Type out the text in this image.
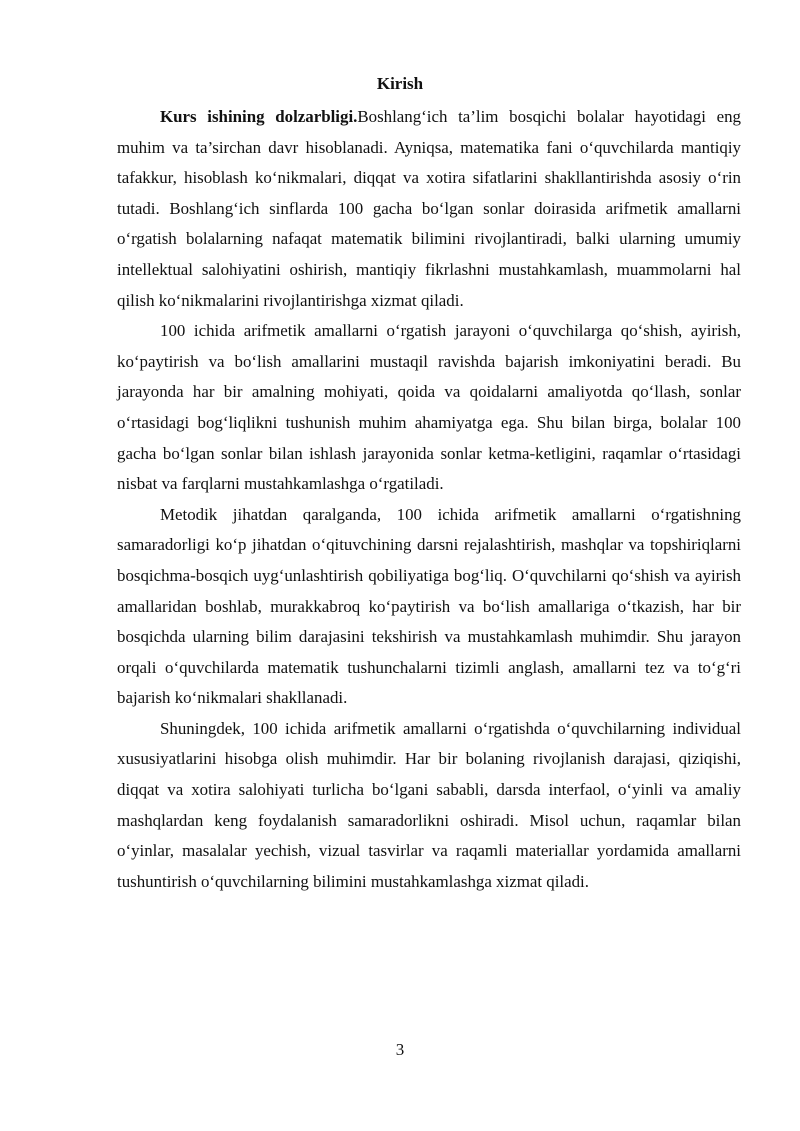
Kirish

Kurs ishining dolzarbligi.Boshlang‘ich ta’lim bosqichi bolalar hayotidagi eng muhim va ta’sirchan davr hisoblanadi. Ayniqsa, matematika fani o‘quvchilarda mantiqiy tafakkur, hisoblash ko‘nikmalari, diqqat va xotira sifatlarini shakllantirishda asosiy o‘rin tutadi. Boshlang‘ich sinflarda 100 gacha bo‘lgan sonlar doirasida arifmetik amallarni o‘rgatish bolalarning nafaqat matematik bilimini rivojlantiradi, balki ularning umumiy intellektual salohiyatini oshirish, mantiqiy fikrlashni mustahkamlash, muammolarni hal qilish ko‘nikmalarini rivojlantirishga xizmat qiladi.

100 ichida arifmetik amallarni o‘rgatish jarayoni o‘quvchilarga qo‘shish, ayirish, ko‘paytirish va bo‘lish amallarini mustaqil ravishda bajarish imkoniyatini beradi. Bu jarayonda har bir amalning mohiyati, qoida va qoidalarni amaliyotda qo‘llash, sonlar o‘rtasidagi bog‘liqlikni tushunish muhim ahamiyatga ega. Shu bilan birga, bolalar 100 gacha bo‘lgan sonlar bilan ishlash jarayonida sonlar ketma-ketligini, raqamlar o‘rtasidagi nisbat va farqlarni mustahkamlashga o‘rgatiladi.

Metodik jihatdan qaralganda, 100 ichida arifmetik amallarni o‘rgatishning samaradorligi ko‘p jihatdan o‘qituvchining darsni rejalashtirish, mashqlar va topshiriqlarni bosqichma-bosqich uyg‘unlashtirish qobiliyatiga bog‘liq. O‘quvchilarni qo‘shish va ayirish amallaridan boshlab, murakkabroq ko‘paytirish va bo‘lish amallariga o‘tkazish, har bir bosqichda ularning bilim darajasini tekshirish va mustahkamlash muhimdir. Shu jarayon orqali o‘quvchilarda matematik tushunchalarni tizimli anglash, amallarni tez va to‘g‘ri bajarish ko‘nikmalari shakllanadi.

Shuningdek, 100 ichida arifmetik amallarni o‘rgatishda o‘quvchilarning individual xususiyatlarini hisobga olish muhimdir. Har bir bolaning rivojlanish darajasi, qiziqishi, diqqat va xotira salohiyati turlicha bo‘lgani sababli, darsda interfaol, o‘yinli va amaliy mashqlardan keng foydalanish samaradorlikni oshiradi. Misol uchun, raqamlar bilan o‘yinlar, masalalar yechish, vizual tasvirlar va raqamli materiallar yordamida amallarni tushuntirish o‘quvchilarning bilimini mustahkamlashga xizmat qiladi.

3
